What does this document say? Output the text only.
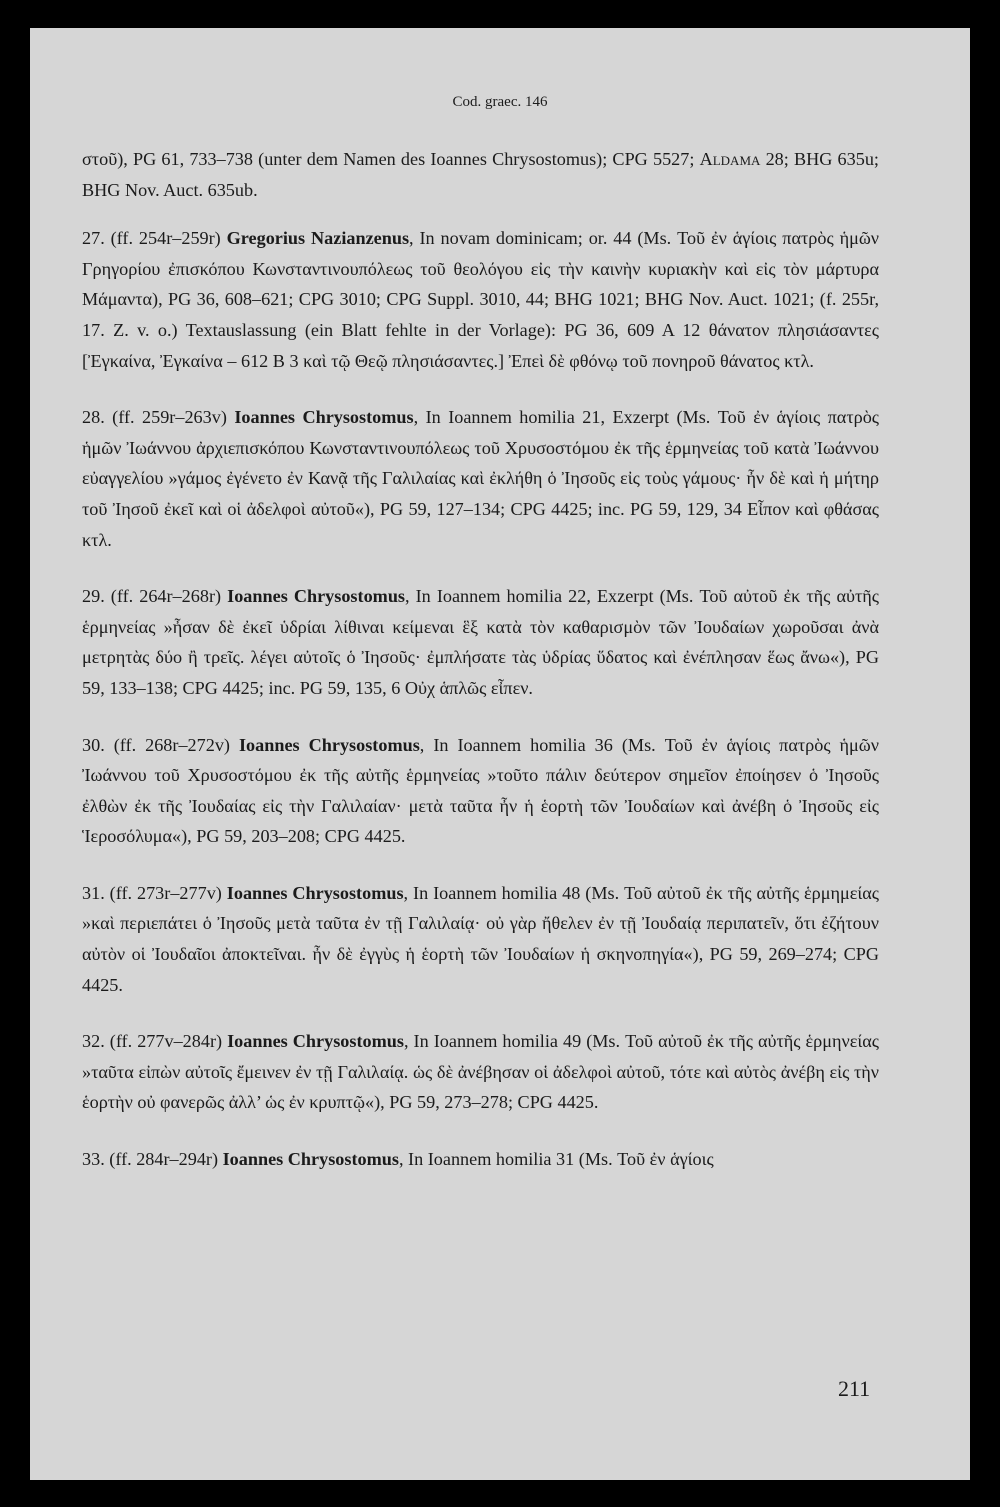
Cod. graec. 146

στοῦ), PG 61, 733–738 (unter dem Namen des Ioannes Chrysostomus); CPG 5527; Aldama 28; BHG 635u; BHG Nov. Auct. 635ub.

27. (ff. 254r–259r) Gregorius Nazianzenus, In novam dominicam; or. 44 (Ms. Τοῦ ἐν ἁγίοις πατρὸς ἡμῶν Γρηγορίου ἐπισκόπου Κωνσταντινουπόλεως τοῦ θεολόγου εἰς τὴν καινὴν κυριακὴν καὶ εἰς τὸν μάρτυρα Μάμαντα), PG 36, 608–621; CPG 3010; CPG Suppl. 3010, 44; BHG 1021; BHG Nov. Auct. 1021; (f. 255r, 17. Z. v. o.) Textauslassung (ein Blatt fehlte in der Vorlage): PG 36, 609 A 12 θάνατον πλησιάσαντες [Ἐγκαίνα, Ἐγκαίνα – 612 B 3 καὶ τῷ Θεῷ πλησιάσαντες.] Ἐπεὶ δὲ φθόνῳ τοῦ πονηροῦ θάνατος κτλ.

28. (ff. 259r–263v) Ioannes Chrysostomus, In Ioannem homilia 21, Exzerpt (Ms. Τοῦ ἐν ἁγίοις πατρὸς ἡμῶν Ἰωάννου ἀρχιεπισκόπου Κωνσταντινουπόλεως τοῦ Χρυσοστόμου ἐκ τῆς ἑρμηνείας τοῦ κατὰ Ἰωάννου εὐαγγελίου »γάμος ἐγένετο ἐν Κανᾷ τῆς Γαλιλαίας καὶ ἐκλήθη ὁ Ἰησοῦς εἰς τοὺς γάμους· ἦν δὲ καὶ ἡ μήτηρ τοῦ Ἰησοῦ ἐκεῖ καὶ οἱ ἀδελφοὶ αὐτοῦ«), PG 59, 127–134; CPG 4425; inc. PG 59, 129, 34 Εἶπον καὶ φθάσας κτλ.

29. (ff. 264r–268r) Ioannes Chrysostomus, In Ioannem homilia 22, Exzerpt (Ms. Τοῦ αὐτοῦ ἐκ τῆς αὐτῆς ἑρμηνείας »ἦσαν δὲ ἐκεῖ ὑδρίαι λίθιναι κείμεναι ἓξ κατὰ τὸν καθαρισμὸν τῶν Ἰουδαίων χωροῦσαι ἀνὰ μετρητὰς δύο ἢ τρεῖς. λέγει αὐτοῖς ὁ Ἰησοῦς· ἐμπλήσατε τὰς ὑδρίας ὕδατος καὶ ἐνέπλησαν ἕως ἄνω«), PG 59, 133–138; CPG 4425; inc. PG 59, 135, 6 Οὐχ ἁπλῶς εἶπεν.

30. (ff. 268r–272v) Ioannes Chrysostomus, In Ioannem homilia 36 (Ms. Τοῦ ἐν ἁγίοις πατρὸς ἡμῶν Ἰωάννου τοῦ Χρυσοστόμου ἐκ τῆς αὐτῆς ἑρμηνείας »τοῦτο πάλιν δεύτερον σημεῖον ἐποίησεν ὁ Ἰησοῦς ἐλθὼν ἐκ τῆς Ἰουδαίας εἰς τὴν Γαλιλαίαν· μετὰ ταῦτα ἦν ἡ ἑορτὴ τῶν Ἰουδαίων καὶ ἀνέβη ὁ Ἰησοῦς εἰς Ἱεροσόλυμα«), PG 59, 203–208; CPG 4425.

31. (ff. 273r–277v) Ioannes Chrysostomus, In Ioannem homilia 48 (Ms. Τοῦ αὐτοῦ ἐκ τῆς αὐτῆς ἑρμημείας »καὶ περιεπάτει ὁ Ἰησοῦς μετὰ ταῦτα ἐν τῇ Γαλιλαίᾳ· οὐ γὰρ ἤθελεν ἐν τῇ Ἰουδαίᾳ περιπατεῖν, ὅτι ἐζήτουν αὐτὸν οἱ Ἰουδαῖοι ἀποκτεῖναι. ἦν δὲ ἐγγὺς ἡ ἑορτὴ τῶν Ἰουδαίων ἡ σκηνοπηγία«), PG 59, 269–274; CPG 4425.

32. (ff. 277v–284r) Ioannes Chrysostomus, In Ioannem homilia 49 (Ms. Τοῦ αὐτοῦ ἐκ τῆς αὐτῆς ἑρμηνείας »ταῦτα εἰπὼν αὐτοῖς ἔμεινεν ἐν τῇ Γαλιλαίᾳ. ὡς δὲ ἀνέβησαν οἱ ἀδελφοὶ αὐτοῦ, τότε καὶ αὐτὸς ἀνέβη εἰς τὴν ἑορτὴν οὐ φανερῶς ἀλλ’ ὡς ἐν κρυπτῷ«), PG 59, 273–278; CPG 4425.

33. (ff. 284r–294r) Ioannes Chrysostomus, In Ioannem homilia 31 (Ms. Τοῦ ἐν ἁγίοις

211
